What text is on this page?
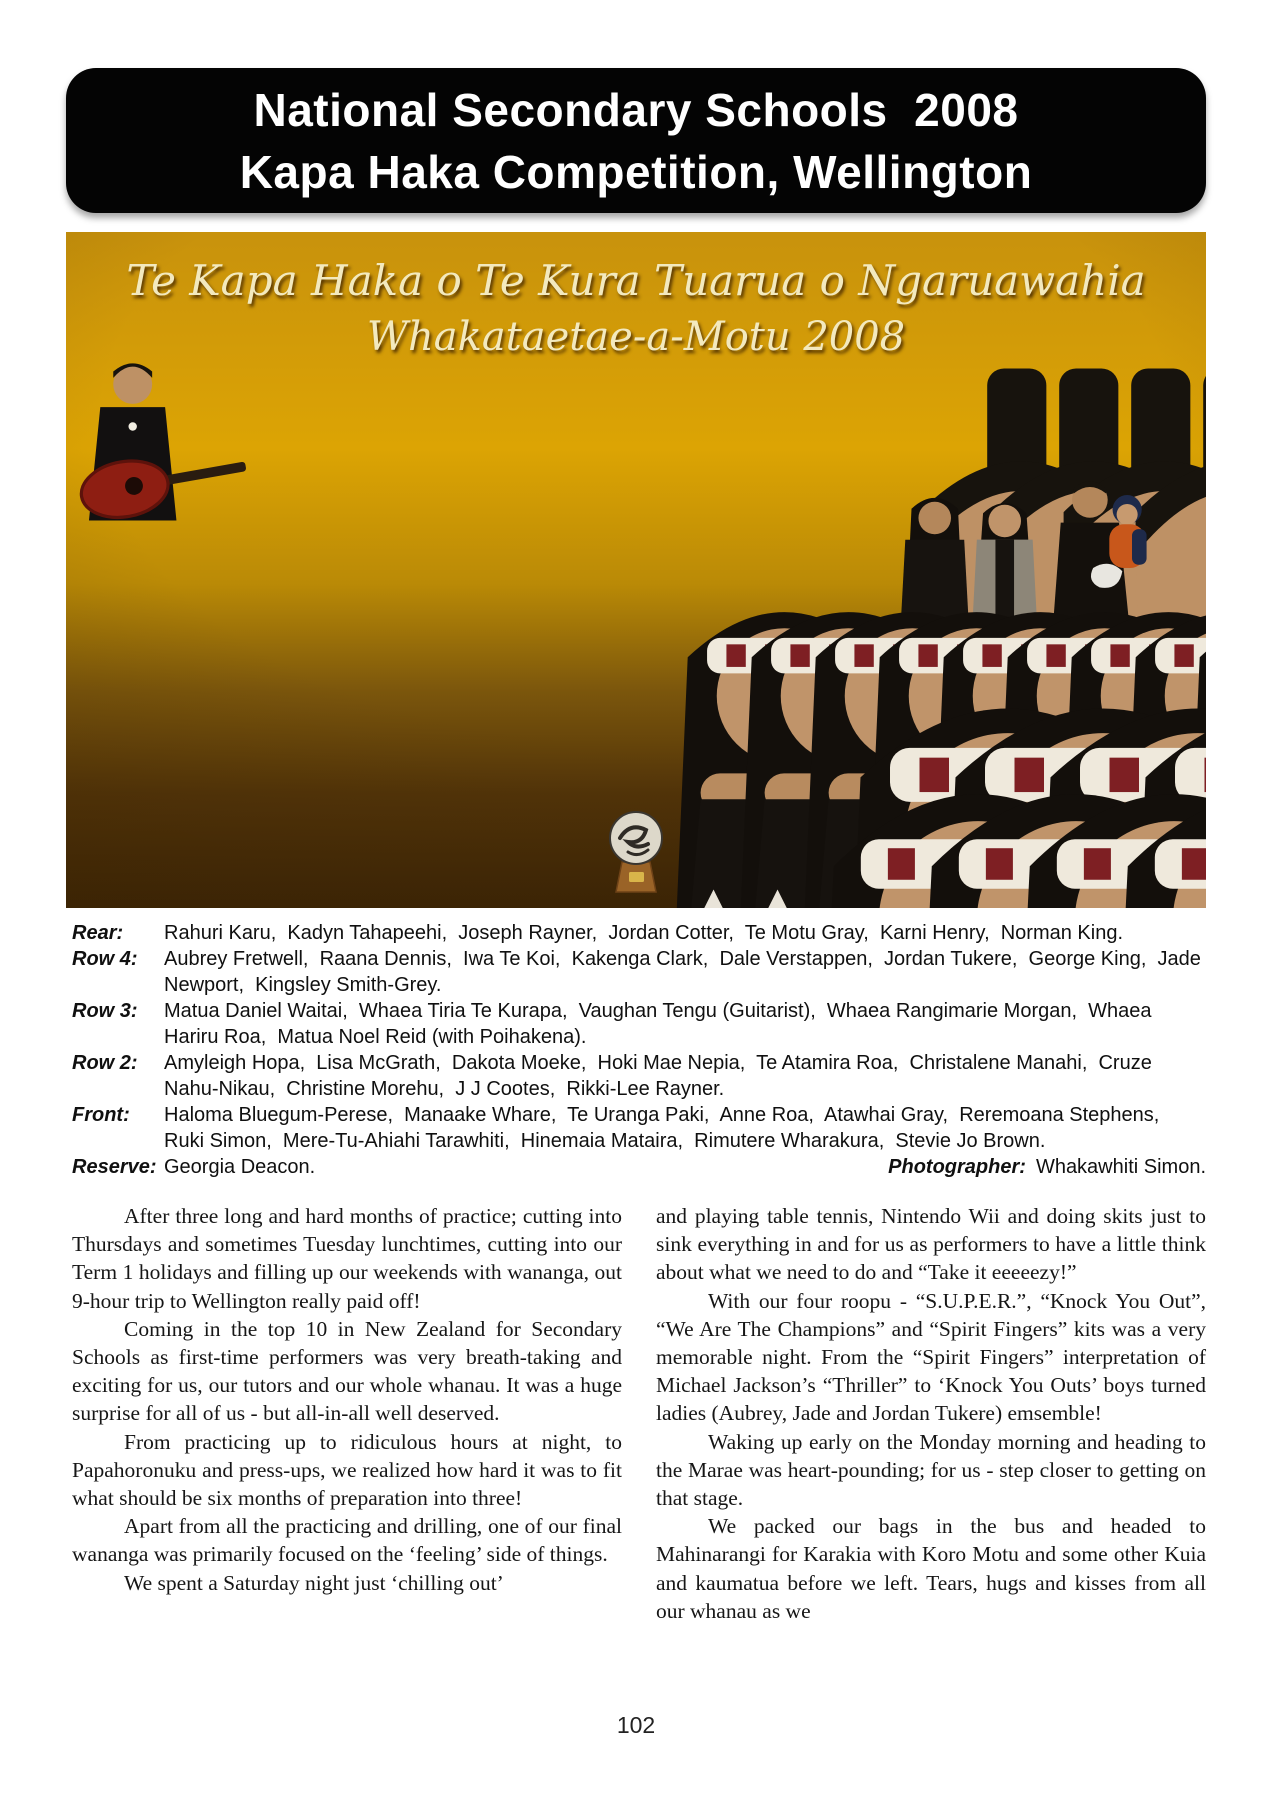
National Secondary Schools  2008
Kapa Haka Competition, Wellington
Te Kapa Haka o Te Kura Tuarua o Ngaruawahia
Whakataetae-a-Motu 2008
Rear:	Rahuri Karu,  Kadyn Tahapeehi,  Joseph Rayner,  Jordan Cotter,  Te Motu Gray,  Karni Henry,  Norman King.
Row 4:	Aubrey Fretwell,  Raana Dennis,  Iwa Te Koi,  Kakenga Clark,  Dale Verstappen,  Jordan Tukere,  George King,  Jade Newport,  Kingsley Smith-Grey.
Row 3:	Matua Daniel Waitai,  Whaea Tiria Te Kurapa,  Vaughan Tengu (Guitarist),  Whaea Rangimarie Morgan,  Whaea Hariru Roa,  Matua Noel Reid (with Poihakena).
Row 2:	Amyleigh Hopa,  Lisa McGrath,  Dakota Moeke,  Hoki Mae Nepia,  Te Atamira Roa,  Christalene Manahi,  Cruze Nahu-Nikau,  Christine Morehu,  J J Cootes,  Rikki-Lee Rayner.
Front:	Haloma Bluegum-Perese,  Manaake Whare,  Te Uranga Paki,  Anne Roa,  Atawhai Gray,  Reremoana Stephens,  Ruki Simon,  Mere-Tu-Ahiahi Tarawhiti,  Hinemaia Mataira,  Rimutere Wharakura,  Stevie Jo Brown.
Reserve: Georgia Deacon.	Photographer: Whakawhiti Simon.

After three long and hard months of practice; cutting into Thursdays and sometimes Tuesday lunchtimes, cutting into our Term 1 holidays and filling up our weekends with wananga, out 9-hour trip to Wellington really paid off!

Coming in the top 10 in New Zealand for Secondary Schools as first-time performers was very breath-taking and exciting for us, our tutors and our whole whanau. It was a huge surprise for all of us - but all-in-all well deserved.

From practicing up to ridiculous hours at night, to Papahoronuku and press-ups, we realized how hard it was to fit what should be six months of preparation into three!

Apart from all the practicing and drilling, one of our final wananga was primarily focused on the ‘feeling’ side of things.

We spent a Saturday night just ‘chilling out’

and playing table tennis, Nintendo Wii and doing skits just to sink everything in and for us as performers to have a little think about what we need to do and “Take it eeeeezy!”

With our four roopu - “S.U.P.E.R.”, “Knock You Out”, “We Are The Champions” and “Spirit Fingers” kits was a very memorable night. From the “Spirit Fingers” interpretation of Michael Jackson’s “Thriller” to ‘Knock You Outs’ boys turned ladies (Aubrey, Jade and Jordan Tukere) emsemble!

Waking up early on the Monday morning and heading to the Marae was heart-pounding; for us - step closer to getting on that stage.

We packed our bags in the bus and headed to Mahinarangi for Karakia with Koro Motu and some other Kuia and kaumatua before we left. Tears, hugs and kisses from all our whanau as we

102
